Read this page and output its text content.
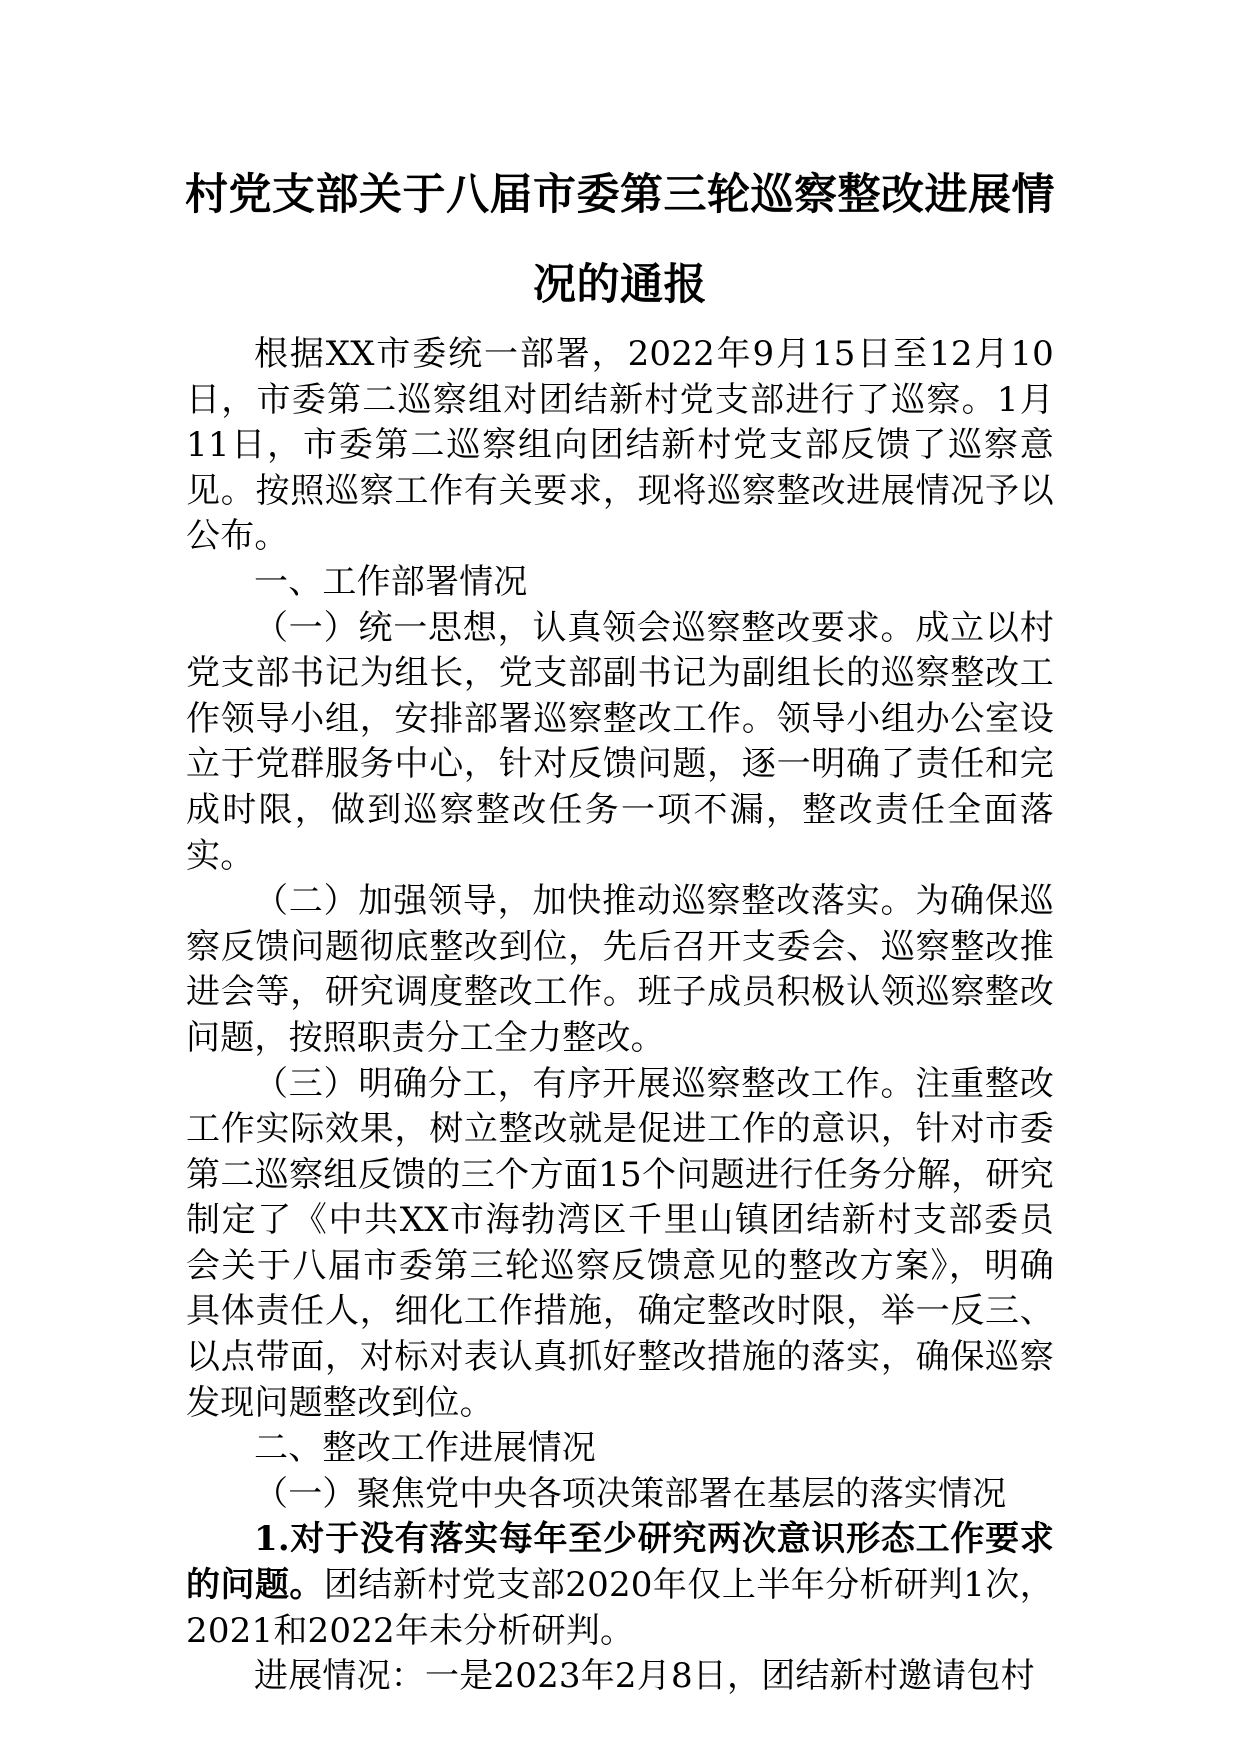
村党支部关于八届市委第三轮巡察整改进展情况的通报

根据XX市委统一部署，2022年9月15日至12月10日，市委第二巡察组对团结新村党支部进行了巡察。1月11日，市委第二巡察组向团结新村党支部反馈了巡察意见。按照巡察工作有关要求，现将巡察整改进展情况予以公布。

一、工作部署情况

（一）统一思想，认真领会巡察整改要求。成立以村党支部书记为组长，党支部副书记为副组长的巡察整改工作领导小组，安排部署巡察整改工作。领导小组办公室设立于党群服务中心，针对反馈问题，逐一明确了责任和完成时限，做到巡察整改任务一项不漏，整改责任全面落实。

（二）加强领导，加快推动巡察整改落实。为确保巡察反馈问题彻底整改到位，先后召开支委会、巡察整改推进会等，研究调度整改工作。班子成员积极认领巡察整改问题，按照职责分工全力整改。

（三）明确分工，有序开展巡察整改工作。注重整改工作实际效果，树立整改就是促进工作的意识，针对市委第二巡察组反馈的三个方面15个问题进行任务分解，研究制定了《中共XX市海勃湾区千里山镇团结新村支部委员会关于八届市委第三轮巡察反馈意见的整改方案》，明确具体责任人，细化工作措施，确定整改时限，举一反三、以点带面，对标对表认真抓好整改措施的落实，确保巡察发现问题整改到位。

二、整改工作进展情况

（一）聚焦党中央各项决策部署在基层的落实情况

1.对于没有落实每年至少研究两次意识形态工作要求的问题。团结新村党支部2020年仅上半年分析研判1次，2021和2022年未分析研判。

进展情况：一是2023年2月8日，团结新村邀请包村
